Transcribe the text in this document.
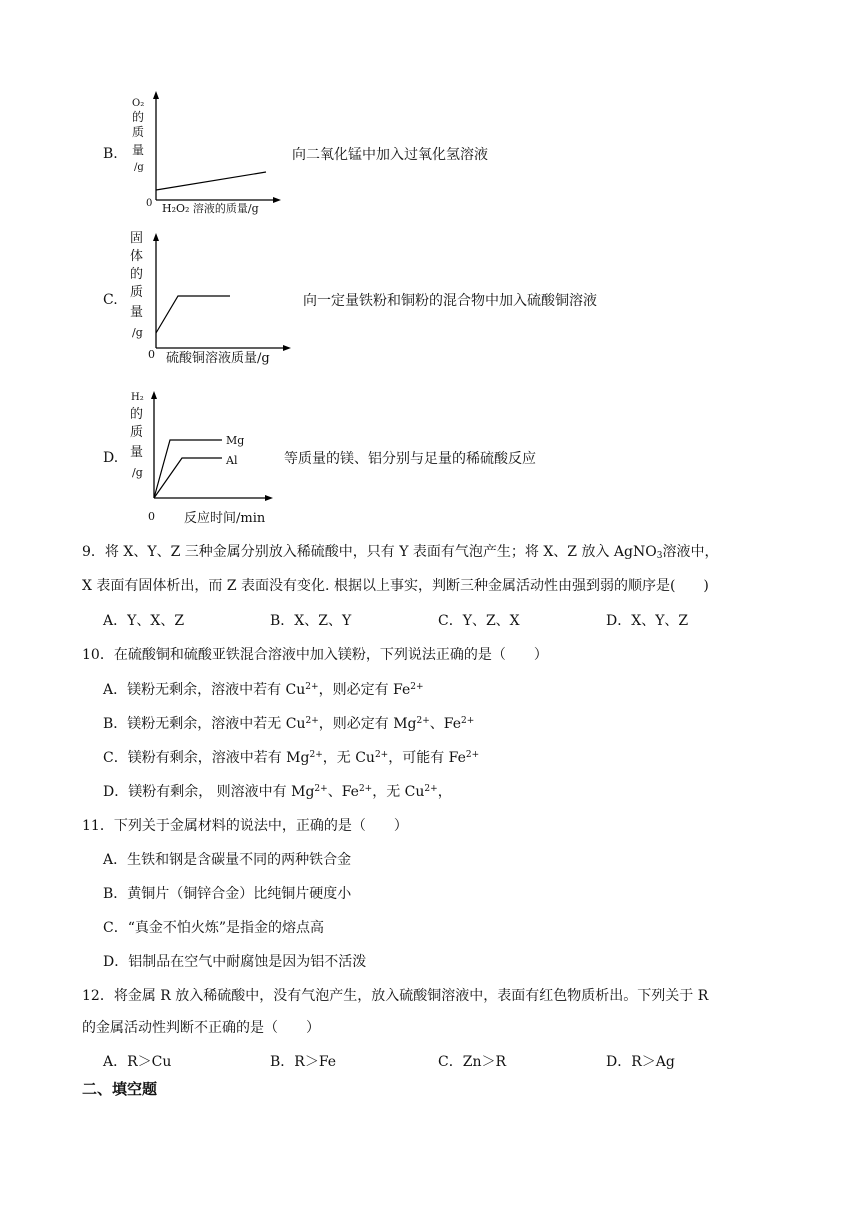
B.
O₂
的
质
量
/g
0 H₂O₂ 溶液的质量/g
向二氧化锰中加入过氧化氢溶液
C.
固
体
的
质
量
/g
0 硫酸铜溶液质量/g
向一定量铁粉和铜粉的混合物中加入硫酸铜溶液
D.
Mg
Al
H₂
的
质
量
/g
0 反应时间/min
等质量的镁、铝分别与足量的稀硫酸反应
9．将 X、Y、Z 三种金属分别放入稀硫酸中，只有 Y 表面有气泡产生；将 X、Z 放入 AgNO$_3$溶液中，
X 表面有固体析出，而 Z 表面没有变化. 根据以上事实，判断三种金属活动性由强到弱的顺序是(　　)
A．Y、X、Z	B．X、Z、Y	C．Y、Z、X	D．X、Y、Z
10．在硫酸铜和硫酸亚铁混合溶液中加入镁粉，下列说法正确的是（　　）
A．镁粉无剩余，溶液中若有 $Cu^{2+}$，则必定有 $Fe^{2+}$
B．镁粉无剩余，溶液中若无 $Cu^{2+}$，则必定有 $Mg^{2+}$、$Fe^{2+}$
C．镁粉有剩余，溶液中若有 $Mg^{2+}$，无 $Cu^{2+}$，可能有 $Fe^{2+}$
D．镁粉有剩余， 则溶液中有 $Mg^{2+}$、$Fe^{2+}$，无 $Cu^{2+}$，
11．下列关于金属材料的说法中，正确的是（　　）
A．生铁和钢是含碳量不同的两种铁合金
B．黄铜片（铜锌合金）比纯铜片硬度小
C．“真金不怕火炼”是指金的熔点高
D．铝制品在空气中耐腐蚀是因为铝不活泼
12．将金属 R 放入稀硫酸中，没有气泡产生，放入硫酸铜溶液中，表面有红色物质析出。下列关于 R
的金属活动性判断不正确的是（　　）
A．R＞Cu	B．R＞Fe	C．Zn＞R	D．R＞Ag
二、填空题
